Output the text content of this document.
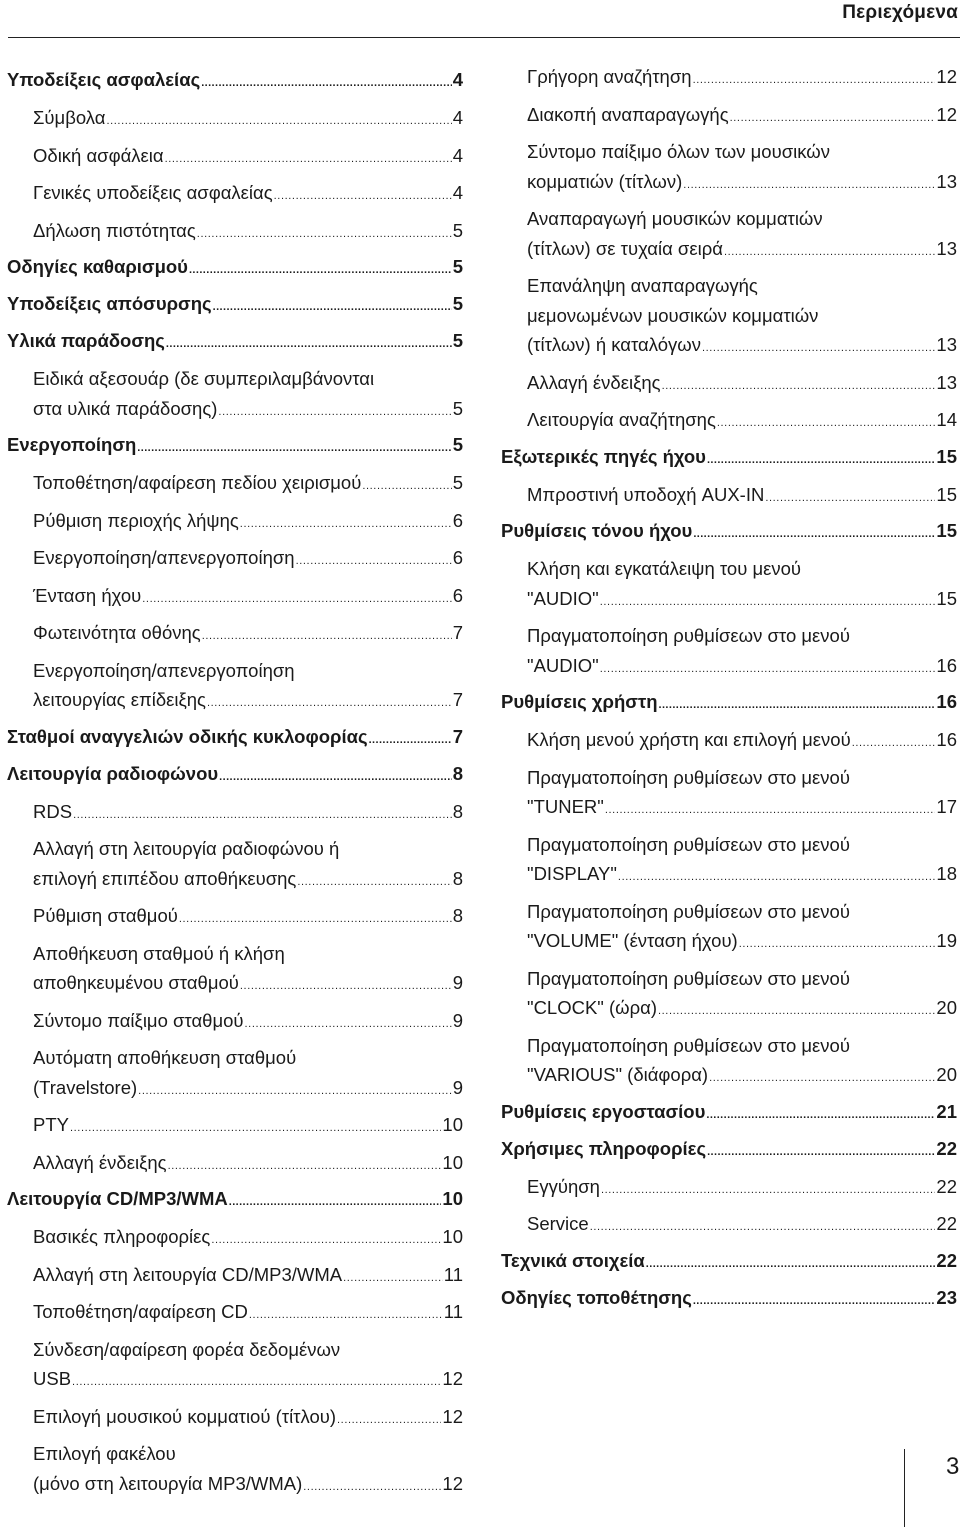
Περιεχόμενα
Υποδείξεις ασφαλείας .....	4
Σύμβολα .....	4
Οδική ασφάλεια .....	4
Γενικές υποδείξεις ασφαλείας .....	4
Δήλωση πιστότητας .....	5
Οδηγίες καθαρισμού .....	5
Υποδείξεις απόσυρσης .....	5
Υλικά παράδοσης .....	5
Ειδικά αξεσουάρ (δε συμπεριλαμβάνονται
στα υλικά παράδοσης) .....	5
Ενεργοποίηση .....	5
Τοποθέτηση/αφαίρεση πεδίου χειρισμού .....	5
Ρύθμιση περιοχής λήψης .....	6
Ενεργοποίηση/απενεργοποίηση .....	6
Ένταση ήχου .....	6
Φωτεινότητα οθόνης .....	7
Ενεργοποίηση/απενεργοποίηση
λειτουργίας επίδειξης .....	7
Σταθμοί αναγγελιών οδικής κυκλοφορίας .....	7
Λειτουργία ραδιοφώνου .....	8
RDS .....	8
Αλλαγή στη λειτουργία ραδιοφώνου ή
επιλογή επιπέδου αποθήκευσης .....	8
Ρύθμιση σταθμού .....	8
Αποθήκευση σταθμού ή κλήση
αποθηκευμένου σταθμού .....	9
Σύντομο παίξιμο σταθμού .....	9
Αυτόματη αποθήκευση σταθμού
(Travelstore) .....	9
PTY .....	10
Αλλαγή ένδειξης .....	10
Λειτουργία CD/MP3/WMA .....	10
Βασικές πληροφορίες .....	10
Αλλαγή στη λειτουργία CD/MP3/WMA .....	11
Τοποθέτηση/αφαίρεση CD .....	11
Σύνδεση/αφαίρεση φορέα δεδομένων
USB .....	12
Επιλογή μουσικού κομματιού (τίτλου) .....	12
Επιλογή φακέλου
(μόνο στη λειτουργία MP3/WMA) .....	12
Γρήγορη αναζήτηση .....	12
Διακοπή αναπαραγωγής .....	12
Σύντομο παίξιμο όλων των μουσικών
κομματιών (τίτλων) .....	13
Αναπαραγωγή μουσικών κομματιών
(τίτλων) σε τυχαία σειρά .....	13
Επανάληψη αναπαραγωγής
μεμονωμένων μουσικών κομματιών
(τίτλων) ή καταλόγων .....	13
Αλλαγή ένδειξης .....	13
Λειτουργία αναζήτησης .....	14
Εξωτερικές πηγές ήχου .....	15
Μπροστινή υποδοχή AUX-IN .....	15
Ρυθμίσεις τόνου ήχου .....	15
Κλήση και εγκατάλειψη του μενού
"AUDIO" .....	15
Πραγματοποίηση ρυθμίσεων στο μενού
"AUDIO" .....	16
Ρυθμίσεις χρήστη .....	16
Κλήση μενού χρήστη και επιλογή μενού .....	16
Πραγματοποίηση ρυθμίσεων στο μενού
"TUNER" .....	17
Πραγματοποίηση ρυθμίσεων στο μενού
"DISPLAY" .....	18
Πραγματοποίηση ρυθμίσεων στο μενού
"VOLUME" (ένταση ήχου) .....	19
Πραγματοποίηση ρυθμίσεων στο μενού
"CLOCK" (ώρα) .....	20
Πραγματοποίηση ρυθμίσεων στο μενού
"VARIOUS" (διάφορα) .....	20
Ρυθμίσεις εργοστασίου .....	21
Χρήσιμες πληροφορίες .....	22
Εγγύηση .....	22
Service .....	22
Τεχνικά στοιχεία .....	22
Οδηγίες τοποθέτησης .....	23
3
